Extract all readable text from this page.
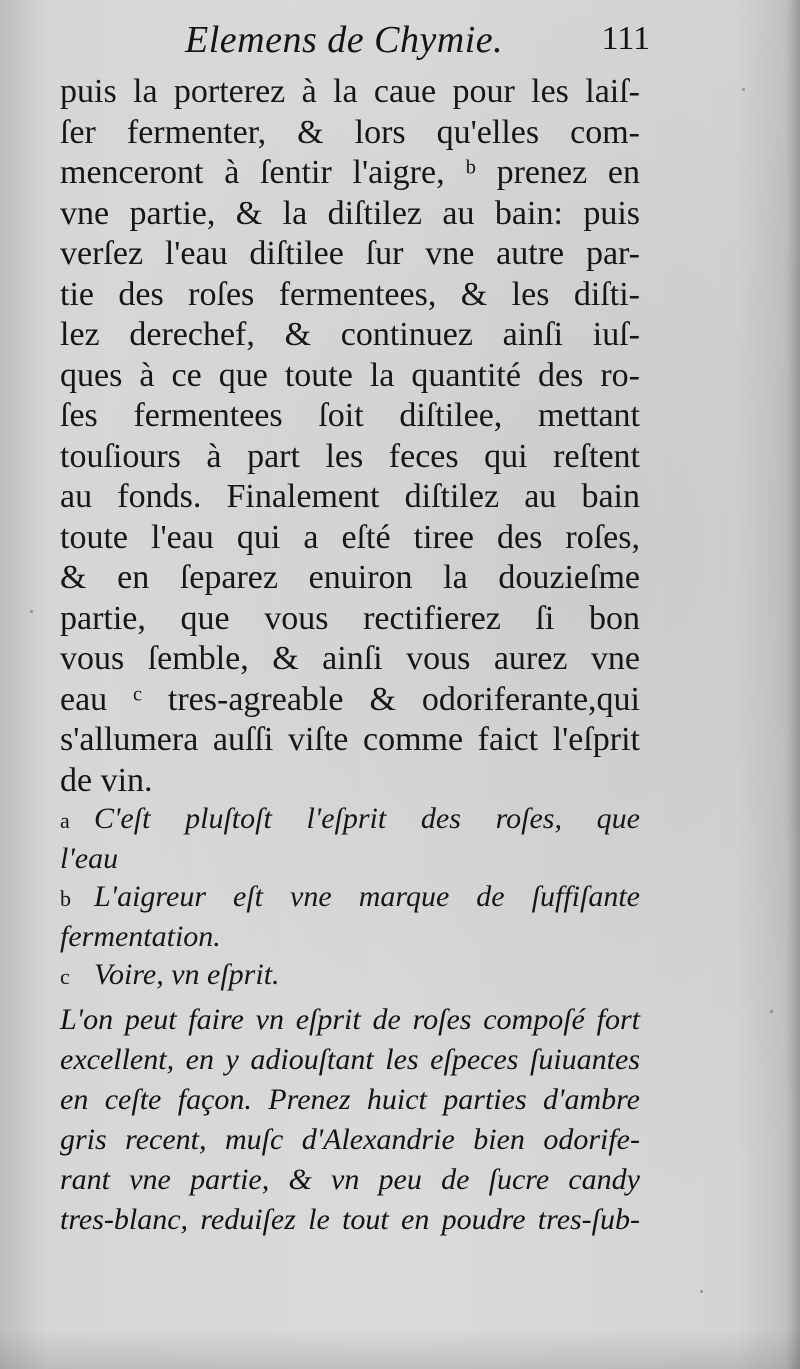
Elemens de Chymie.	111
puis la porterez à la caue pour les laiſ-
ſer fermenter, & lors qu'elles com-
menceront à ſentir l'aigre, ᵇ prenez en
vne partie, & la diſtilez au bain: puis
verſez l'eau diſtilee ſur vne autre par-
tie des roſes fermentees, & les diſti-
lez derechef, & continuez ainſi iuſ-
ques à ce que toute la quantité des ro-
ſes fermentees ſoit diſtilee, mettant
touſiours à part les feces qui reſtent
au fonds. Finalement diſtilez au bain
toute l'eau qui a eſté tiree des roſes,
& en ſeparez enuiron la douzieſme
partie, que vous rectifierez ſi bon
vous ſemble, & ainſi vous aurez vne
eau ᶜ tres-agreable & odoriferante,qui
s'allumera auſſi viſte comme faict l'eſprit
de vin.
a C'eſt pluſtoſt l'eſprit des roſes, que
l'eau
b L'aigreur eſt vne marque de ſuffiſante
fermentation.
c Voire, vn eſprit.
L'on peut faire vn eſprit de roſes compoſé fort
excellent, en y adiouſtant les eſpeces ſuiuantes
en ceſte façon. Prenez huict parties d'ambre
gris recent, muſc d'Alexandrie bien odorife-
rant vne partie, & vn peu de ſucre candy
tres-blanc, reduiſez le tout en poudre tres-ſub-
